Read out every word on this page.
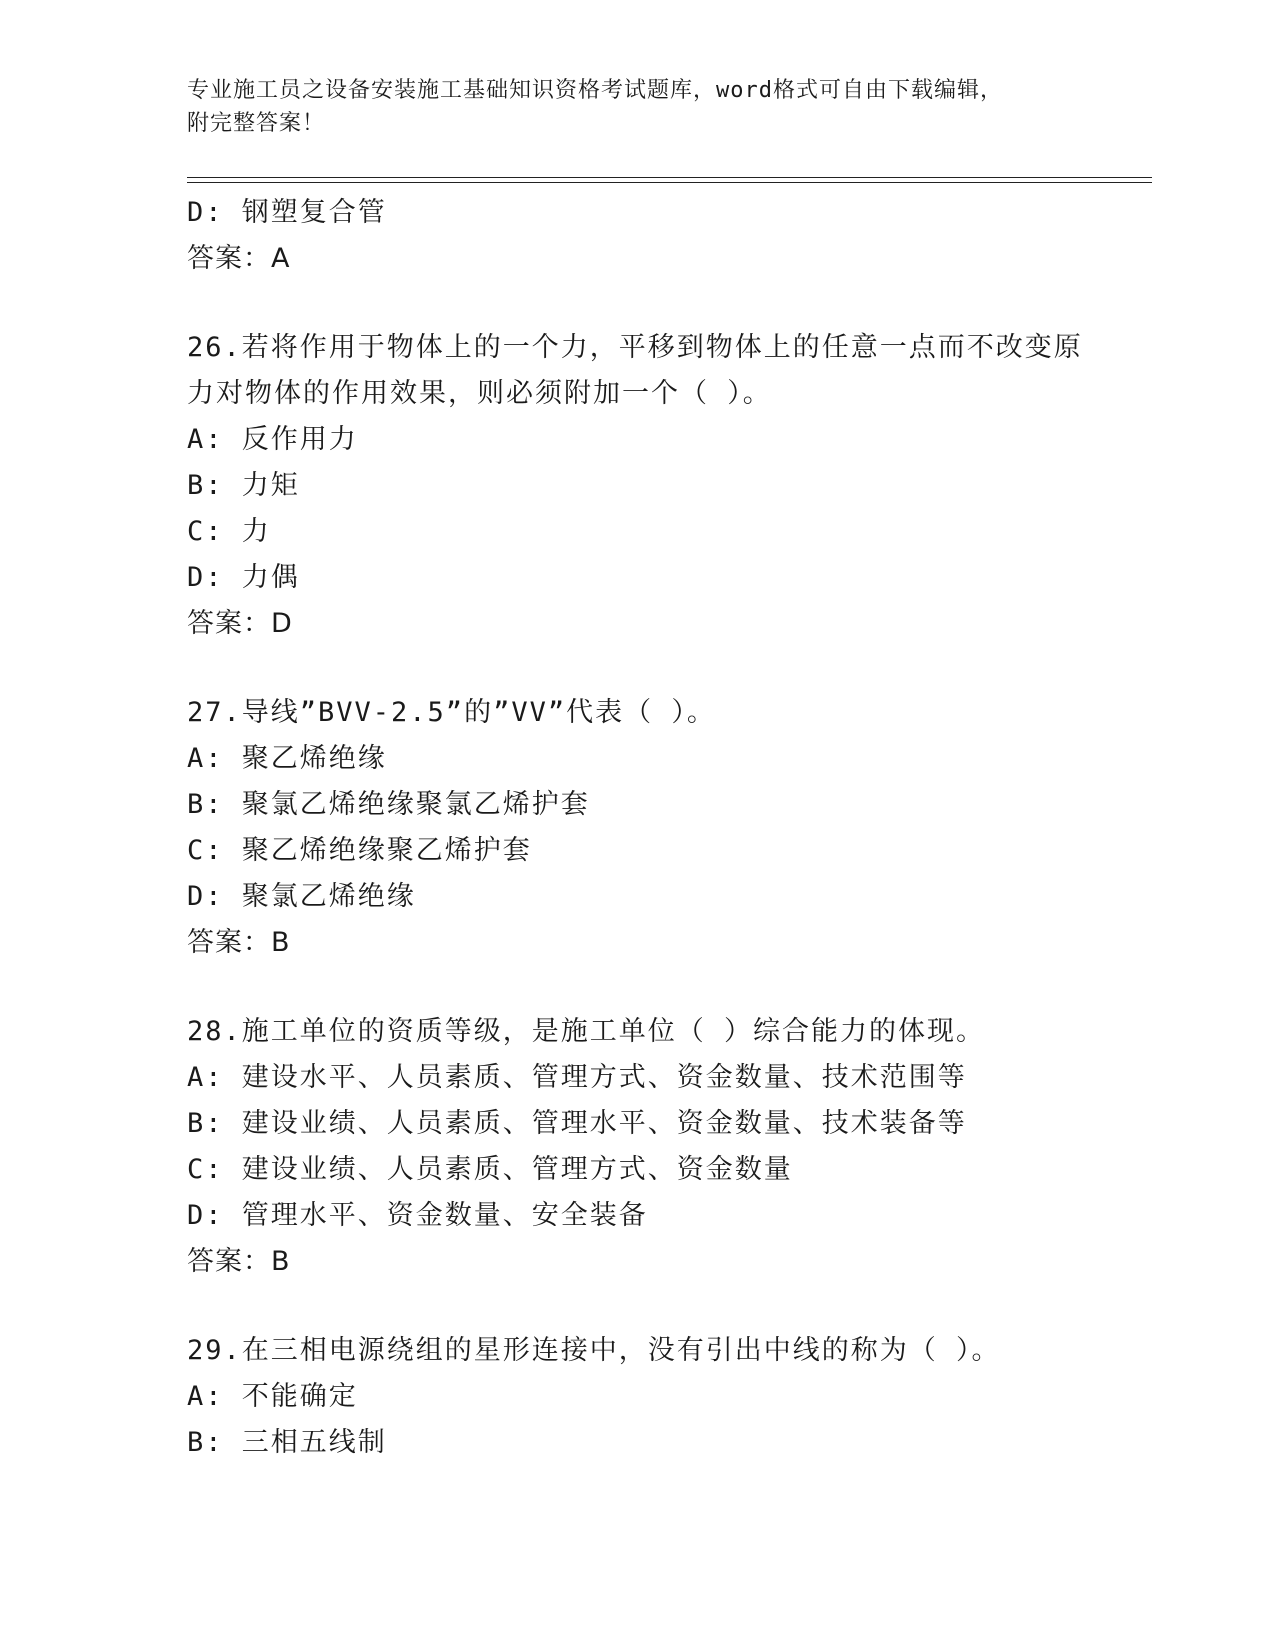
专业施工员之设备安装施工基础知识资格考试题库，word格式可自由下载编辑，
附完整答案！
D: 钢塑复合管
答案：A
26.若将作用于物体上的一个力，平移到物体上的任意一点而不改变原
力对物体的作用效果，则必须附加一个（ ）。
A: 反作用力
B: 力矩
C: 力
D: 力偶
答案：D
27.导线”BVV-2.5”的”VV”代表（ ）。
A: 聚乙烯绝缘
B: 聚氯乙烯绝缘聚氯乙烯护套
C: 聚乙烯绝缘聚乙烯护套
D: 聚氯乙烯绝缘
答案：B
28.施工单位的资质等级，是施工单位（ ）综合能力的体现。
A: 建设水平、人员素质、管理方式、资金数量、技术范围等
B: 建设业绩、人员素质、管理水平、资金数量、技术装备等
C: 建设业绩、人员素质、管理方式、资金数量
D: 管理水平、资金数量、安全装备
答案：B
29.在三相电源绕组的星形连接中，没有引出中线的称为（ ）。
A: 不能确定
B: 三相五线制
